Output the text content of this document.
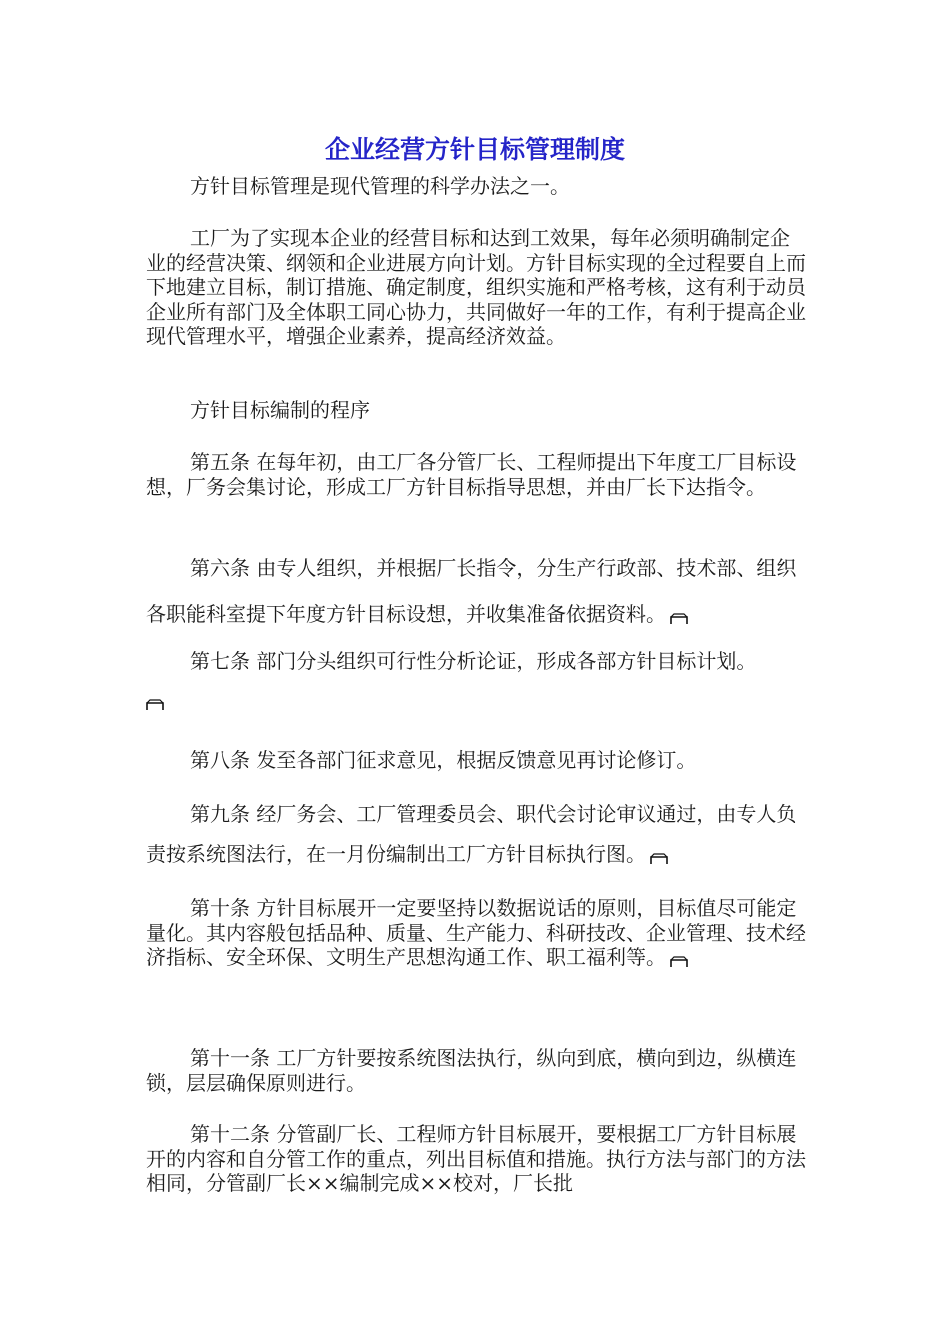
企业经营方针目标管理制度

方针目标管理是现代管理的科学办法之一。

工厂为了实现本企业的经营目标和达到工效果，每年必须明确制定企业的经营决策、纲领和企业进展方向计划。方针目标实现的全过程要自上而下地建立目标，制订措施、确定制度，组织实施和严格考核，这有利于动员企业所有部门及全体职工同心协力，共同做好一年的工作，有利于提高企业现代管理水平，增强企业素养，提高经济效益。

方针目标编制的程序

第五条 在每年初，由工厂各分管厂长、工程师提出下年度工厂目标设想，厂务会集讨论，形成工厂方针目标指导思想，并由厂长下达指令。

第六条 由专人组织，并根据厂长指令，分生产行政部、技术部、组织各职能科室提下年度方针目标设想，并收集准备依据资料。

第七条 部门分头组织可行性分析论证，形成各部方针目标计划。

第八条 发至各部门征求意见，根据反馈意见再讨论修订。

第九条 经厂务会、工厂管理委员会、职代会讨论审议通过，由专人负责按系统图法行，在一月份编制出工厂方针目标执行图。
第十条 方针目标展开一定要坚持以数据说话的原则，目标值尽可能定量化。其内容般包括品种、质量、生产能力、科研技改、企业管理、技术经济指标、安全环保、文明生产思想沟通工作、职工福利等。

第十一条 工厂方针要按系统图法执行，纵向到底，横向到边，纵横连锁，层层确保原则进行。

第十二条 分管副厂长、工程师方针目标展开，要根据工厂方针目标展开的内容和自分管工作的重点，列出目标值和措施。执行方法与部门的方法相同，分管副厂长××编制完成××校对，厂长批
